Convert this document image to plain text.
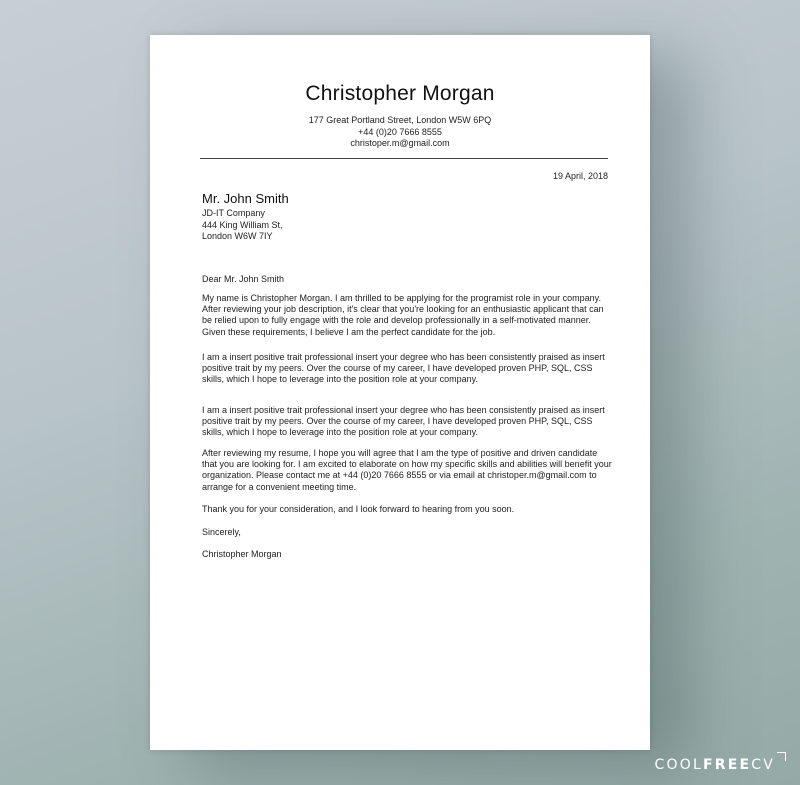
Christopher Morgan
177 Great Portland Street, London W5W 6PQ
+44 (0)20 7666 8555
christoper.m@gmail.com
19 April, 2018
Mr. John Smith
JD-IT Company
444 King William St,
London W6W 7IY

Dear Mr. John Smith

My name is Christopher Morgan. I am thrilled to be applying for the programist role in your company. After reviewing your job description, it's clear that you're looking for an enthusiastic applicant that can be relied upon to fully engage with the role and develop professionally in a self-motivated manner. Given these requirements, I believe I am the perfect candidate for the job.

I am a insert positive trait professional insert your degree who has been consistently praised as insert positive trait by my peers. Over the course of my career, I have developed proven PHP, SQL, CSS skills, which I hope to leverage into the position role at your company.

I am a insert positive trait professional insert your degree who has been consistently praised as insert positive trait by my peers. Over the course of my career, I have developed proven PHP, SQL, CSS skills, which I hope to leverage into the position role at your company.

After reviewing my resume, I hope you will agree that I am the type of positive and driven candidate that you are looking for. I am excited to elaborate on how my specific skills and abilities will benefit your organization. Please contact me at +44 (0)20 7666 8555 or via email at christoper.m@gmail.com to arrange for a convenient meeting time.

Thank you for your consideration, and I look forward to hearing from you soon.

Sincerely,

Christopher Morgan

COOLFREECV
